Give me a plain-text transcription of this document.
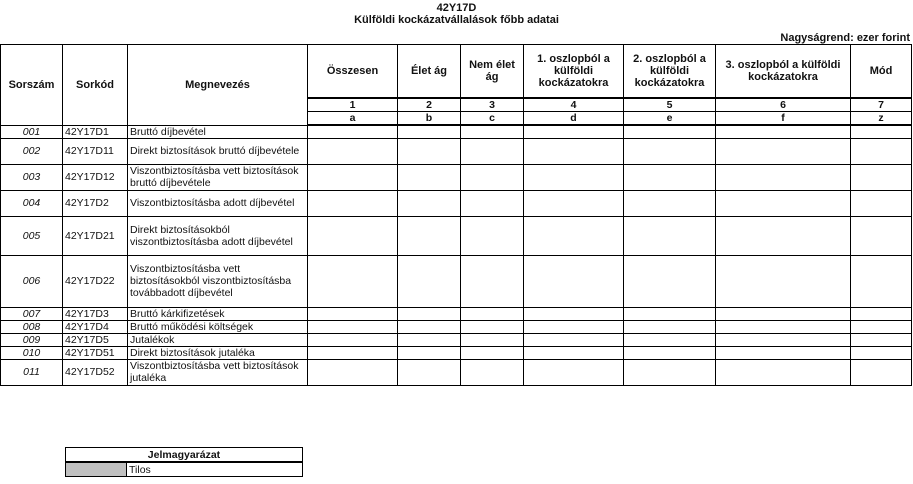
42Y17D
Külföldi kockázatvállalások főbb adatai
Nagyságrend: ezer forint
Sorszám	Sorkód	Megnevezés	Összesen	Élet ág	Nem élet ág	1. oszlopból a külföldi kockázatokra	2. oszlopból a külföldi kockázatokra	3. oszlopból a külföldi kockázatokra	Mód
			1	2	3	4	5	6	7
			a	b	c	d	e	f	z
001	42Y17D1	Bruttó díjbevétel							
002	42Y17D11	Direkt biztosítások bruttó díjbevétele							
003	42Y17D12	Viszontbiztosításba vett biztosítások bruttó díjbevétele							
004	42Y17D2	Viszontbiztosításba adott díjbevétel							
005	42Y17D21	Direkt biztosításokból viszontbiztosításba adott díjbevétel							
006	42Y17D22	Viszontbiztosításba vett biztosításokból viszontbiztosításba továbbadott díjbevétel							
007	42Y17D3	Bruttó kárkifizetések							
008	42Y17D4	Bruttó működési költségek							
009	42Y17D5	Jutalékok							
010	42Y17D51	Direkt biztosítások jutaléka							
011	42Y17D52	Viszontbiztosításba vett biztosítások jutaléka							
Jelmagyarázat
	Tilos
